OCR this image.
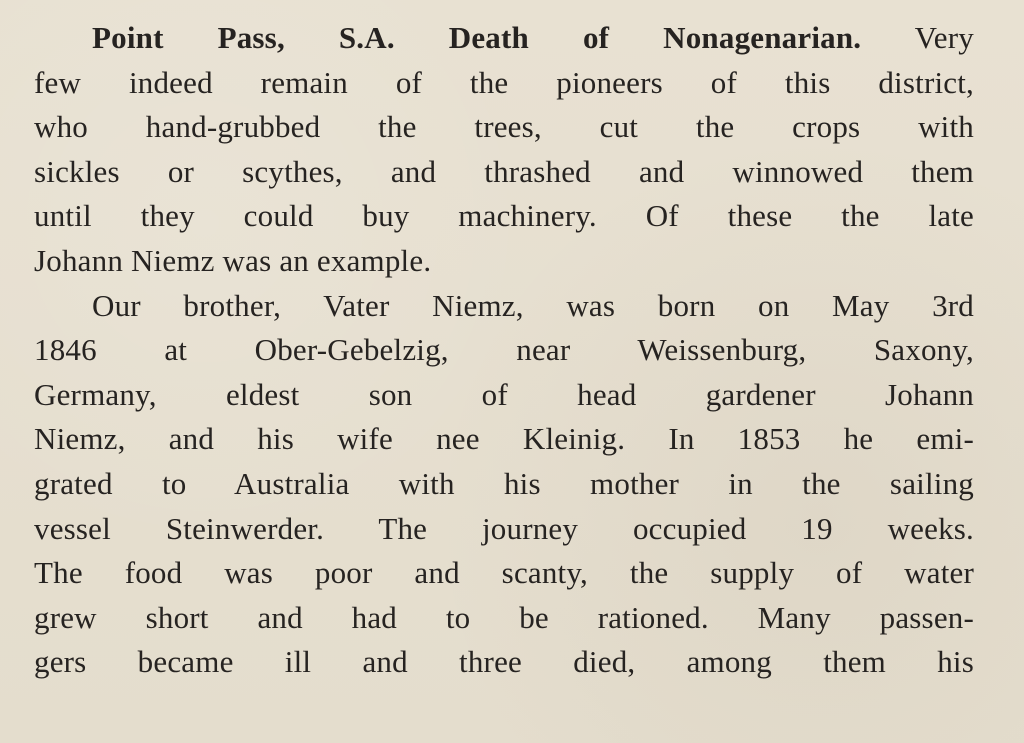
Point Pass, S.A. Death of Nonagenarian. Very
few indeed remain of the pioneers of this district,
who hand-grubbed the trees, cut the crops with
sickles or scythes, and thrashed and winnowed them
until they could buy machinery. Of these the late
Johann Niemz was an example.
Our brother, Vater Niemz, was born on May 3rd
1846 at Ober-Gebelzig, near Weissenburg, Saxony,
Germany, eldest son of head gardener Johann
Niemz, and his wife nee Kleinig. In 1853 he emi-
grated to Australia with his mother in the sailing
vessel Steinwerder. The journey occupied 19 weeks.
The food was poor and scanty, the supply of water
grew short and had to be rationed. Many passen-
gers became ill and three died, among them his
